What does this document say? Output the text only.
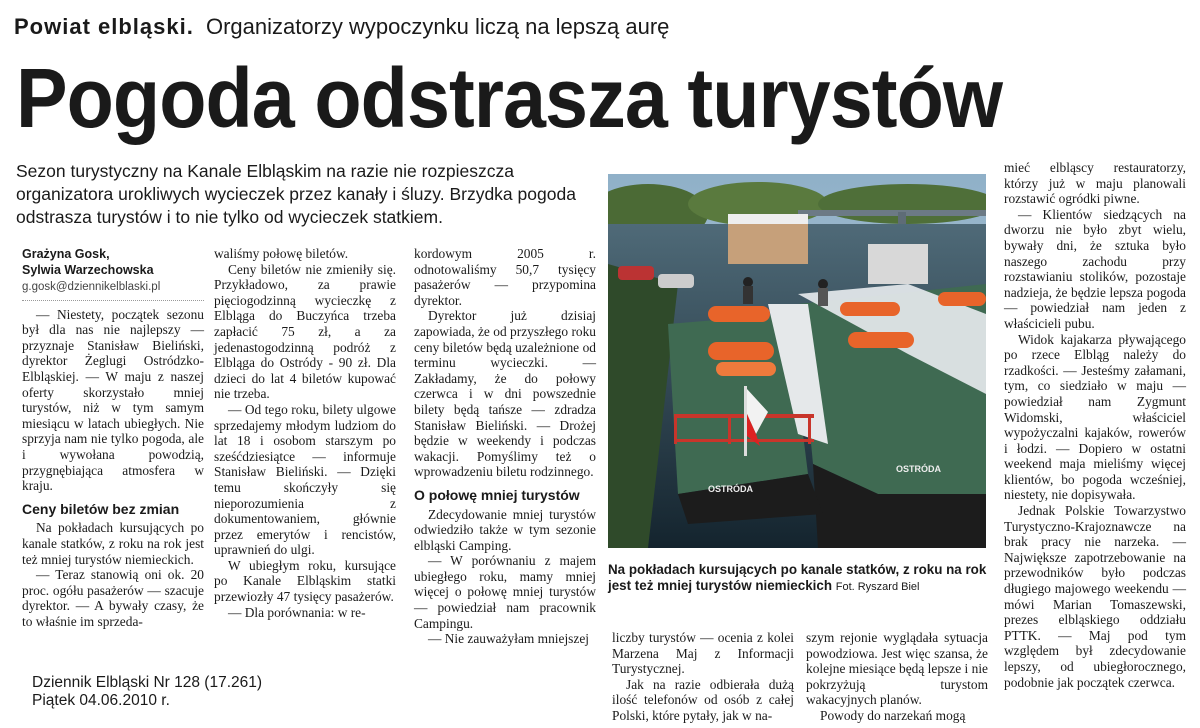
Powiat elbląski. Organizatorzy wypoczynku liczą na lepszą aurę
Pogoda odstrasza turystów
Sezon turystyczny na Kanale Elbląskim na razie nie rozpieszcza organizatora urokliwych wycieczek przez kanały i śluzy. Brzydka pogoda odstrasza turystów i to nie tylko od wycieczek statkiem.
Grażyna Gosk,
Sylwia Warzechowska
g.gosk@dziennikelblaski.pl

— Niestety, początek sezonu był dla nas nie najlepszy — przyznaje Stanisław Bieliński, dyrektor Żeglugi Ostródzko-Elbląskiej. — W maju z naszej oferty skorzystało mniej turystów, niż w tym samym miesiącu w latach ubiegłych. Nie sprzyja nam nie tylko pogoda, ale i wywołana powodzią, przygnębiająca atmosfera w kraju.

Ceny biletów bez zmian

Na pokładach kursujących po kanale statków, z roku na rok jest też mniej turystów niemieckich.

— Teraz stanowią oni ok. 20 proc. ogółu pasażerów — szacuje dyrektor. — A bywały czasy, że to właśnie im sprzeda-

waliśmy połowę biletów.

Ceny biletów nie zmieniły się. Przykładowo, za prawie pięciogodzinną wycieczkę z Elbląga do Buczyńca trzeba zapłacić 75 zł, a za jedenastogodzinną podróż z Elbląga do Ostródy - 90 zł. Dla dzieci do lat 4 biletów kupować nie trzeba.

— Od tego roku, bilety ulgowe sprzedajemy młodym ludziom do lat 18 i osobom starszym po sześćdziesiątce — informuje Stanisław Bieliński. — Dzięki temu skończyły się nieporozumienia z dokumentowaniem, głównie przez emerytów i rencistów, uprawnień do ulgi.

W ubiegłym roku, kursujące po Kanale Elbląskim statki przewiozły 47 tysięcy pasażerów.

— Dla porównania: w re-

kordowym 2005 r. odnotowaliśmy 50,7 tysięcy pasażerów — przypomina dyrektor.

Dyrektor już dzisiaj zapowiada, że od przyszłego roku ceny biletów będą uzależnione od terminu wycieczki. — Zakładamy, że do połowy czerwca i w dni powszednie bilety będą tańsze — zdradza Stanisław Bieliński. — Drożej będzie w weekendy i podczas wakacji. Pomyślimy też o wprowadzeniu biletu rodzinnego.

O połowę mniej turystów

Zdecydowanie mniej turystów odwiedziło także w tym sezonie elbląski Camping.

— W porównaniu z majem ubiegłego roku, mamy mniej więcej o połowę mniej turystów — powiedział nam pracownik Campingu.

— Nie zauważyłam mniejszej

OSTRÓDA
OSTRÓDA
Na pokładach kursujących po kanale statków, z roku na rok jest też mniej turystów niemieckich Fot. Ryszard Biel

liczby turystów — ocenia z kolei Marzena Maj z Informacji Turystycznej.

Jak na razie odbierała dużą ilość telefonów od osób z całej Polski, które pytały, jak w na-

szym rejonie wyglądała sytuacja powodziowa. Jest więc szansa, że kolejne miesiące będą lepsze i nie pokrzyżują turystom wakacyjnych planów.

Powody do narzekań mogą

mieć elbląscy restauratorzy, którzy już w maju planowali rozstawić ogródki piwne.

— Klientów siedzących na dworzu nie było zbyt wielu, bywały dni, że sztuka było naszego zachodu przy rozstawianiu stolików, pozostaje nadzieja, że będzie lepsza pogoda — powiedział nam jeden z właścicieli pubu.

Widok kajakarza pływającego po rzece Elbląg należy do rzadkości. — Jesteśmy załamani, tym, co siedziało w maju — powiedział nam Zygmunt Widomski, właściciel wypożyczalni kajaków, rowerów i łodzi. — Dopiero w ostatni weekend maja mieliśmy więcej klientów, bo pogoda wcześniej, niestety, nie dopisywała.

Jednak Polskie Towarzystwo Turystyczno-Krajoznawcze na brak pracy nie narzeka. — Największe zapotrzebowanie na przewodników było podczas długiego majowego weekendu — mówi Marian Tomaszewski, prezes elbląskiego oddziału PTTK. — Maj pod tym względem był zdecydowanie lepszy, od ubiegłorocznego, podobnie jak początek czerwca.

Dziennik Elbląski Nr 128 (17.261)
Piątek 04.06.2010 r.
